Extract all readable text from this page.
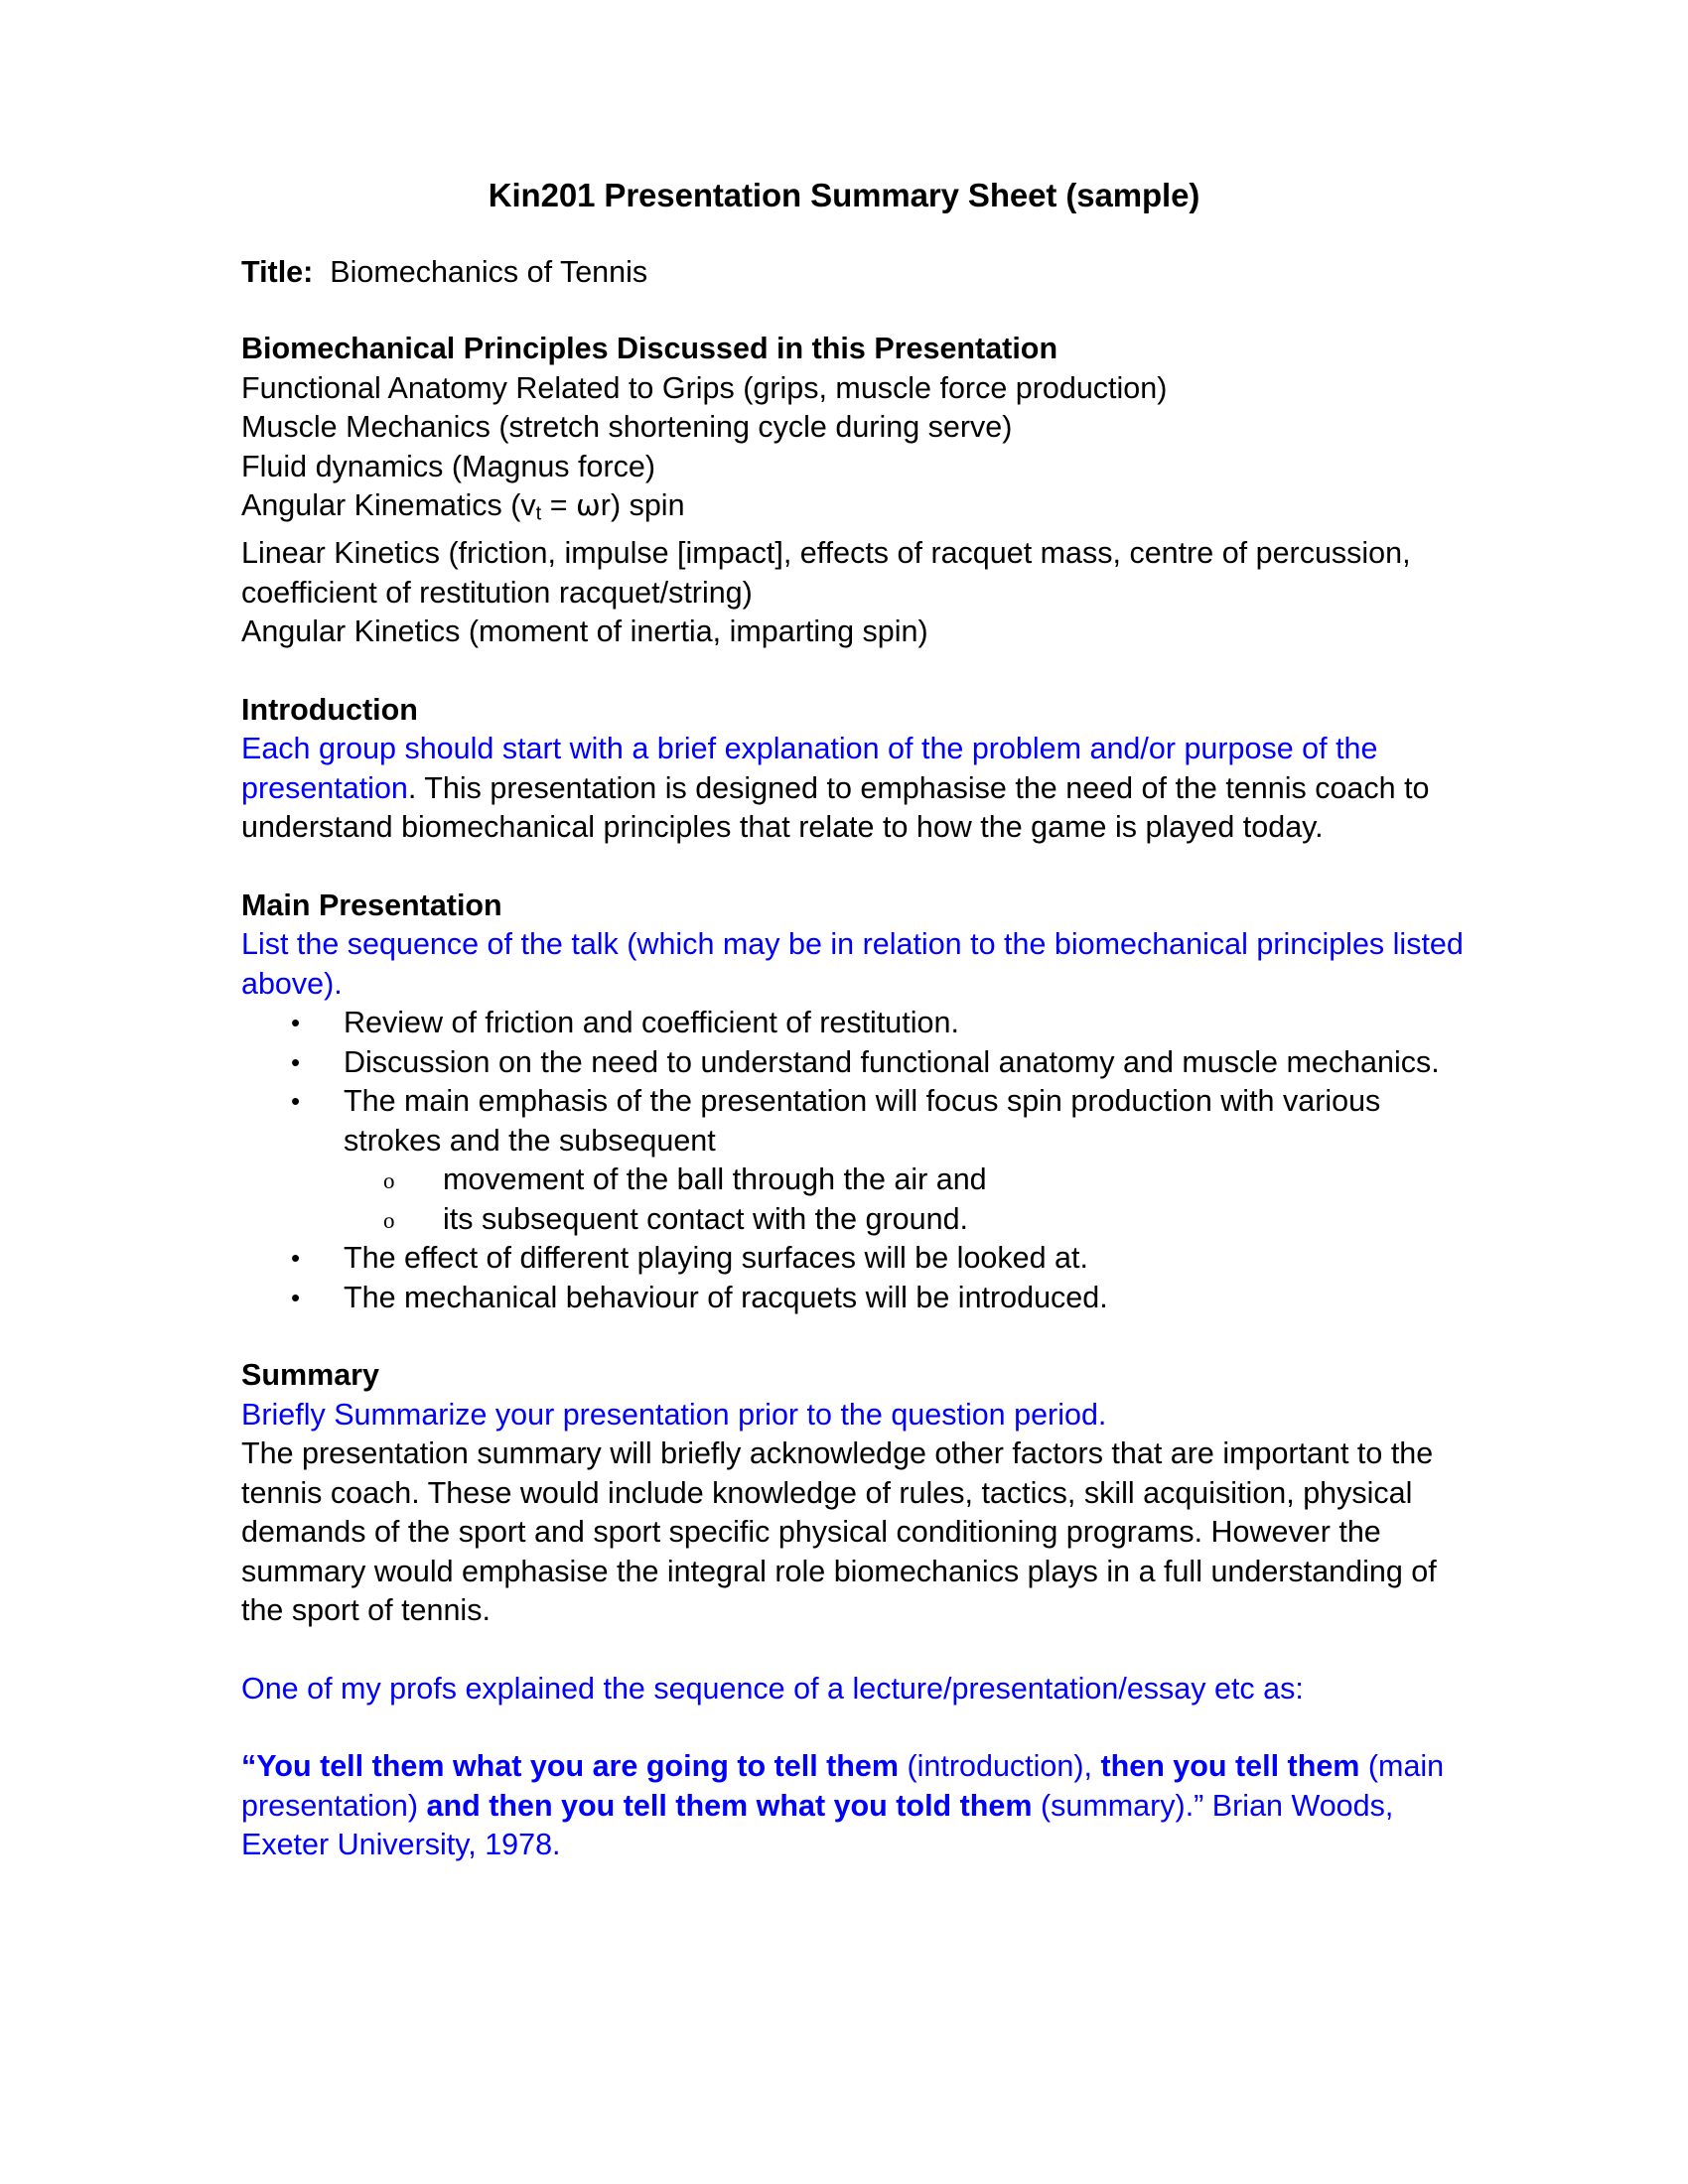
Kin201 Presentation Summary Sheet (sample)

Title: Biomechanics of Tennis

Biomechanical Principles Discussed in this Presentation

Functional Anatomy Related to Grips (grips, muscle force production)

Muscle Mechanics (stretch shortening cycle during serve)

Fluid dynamics (Magnus force)

Angular Kinematics $(v_t = \omega r)$ spin

Linear Kinetics (friction, impulse [impact], effects of racquet mass, centre of percussion, coefficient of restitution racquet/string)

Angular Kinetics (moment of inertia, imparting spin)

Introduction

Each group should start with a brief explanation of the problem and/or purpose of the presentation. This presentation is designed to emphasise the need of the tennis coach to understand biomechanical principles that relate to how the game is played today.

Main Presentation

List the sequence of the talk (which may be in relation to the biomechanical principles listed above).

• Review of friction and coefficient of restitution.
• Discussion on the need to understand functional anatomy and muscle mechanics.
• The main emphasis of the presentation will focus spin production with various strokes and the subsequent
o movement of the ball through the air and
o its subsequent contact with the ground.
• The effect of different playing surfaces will be looked at.
• The mechanical behaviour of racquets will be introduced.

Summary

Briefly Summarize your presentation prior to the question period.

The presentation summary will briefly acknowledge other factors that are important to the tennis coach. These would include knowledge of rules, tactics, skill acquisition, physical demands of the sport and sport specific physical conditioning programs. However the summary would emphasise the integral role biomechanics plays in a full understanding of the sport of tennis.

One of my profs explained the sequence of a lecture/presentation/essay etc as:

“You tell them what you are going to tell them (introduction), then you tell them (main presentation) and then you tell them what you told them (summary).” Brian Woods, Exeter University, 1978.
